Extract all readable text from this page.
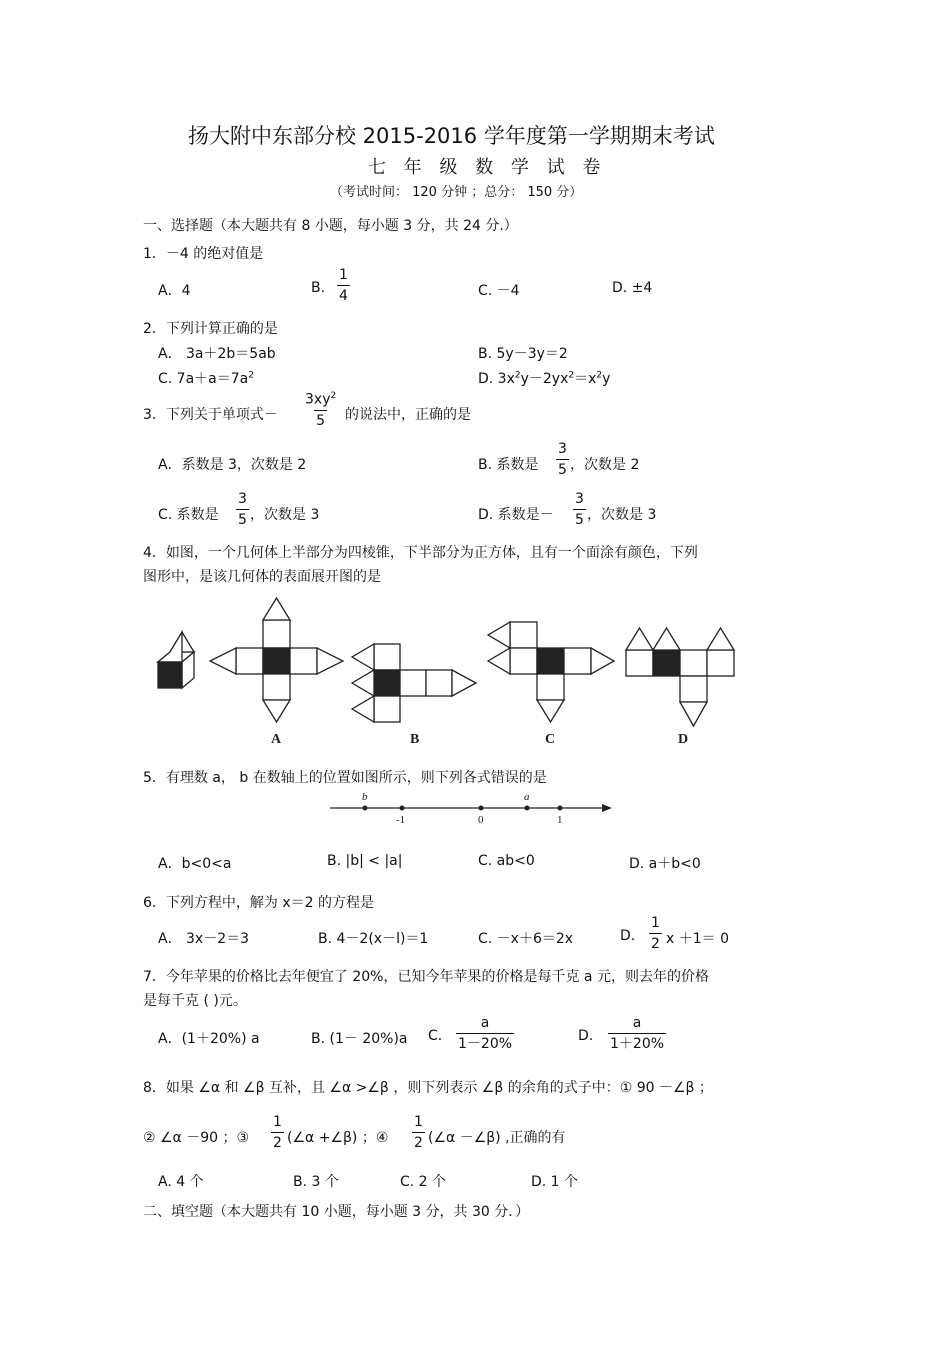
扬大附中东部分校 2015-2016 学年度第一学期期末考试
七 年 级 数 学 试 卷
（考试时间： 120 分钟 ；总分： 150 分）
一、选择题（本大题共有 8 小题，每小题 3 分，共 24 分.）
1．－4 的绝对值是
A．4	B. $\frac{1}{4}$	C. －4	D. ±4
2．下列计算正确的是
A． 3a＋2b＝5ab	B. 5y－3y＝2
C. $7a+a=7a^2$	D. $3x^2y-2yx^2=x^2y$
3．下列关于单项式－ $\frac{3xy^2}{5}$ 的说法中，正确的是
A．系数是 3，次数是 2	B. 系数是 $\frac{3}{5}$ ，次数是 2
C. 系数是 $\frac{3}{5}$ ，次数是 3	D. 系数是－ $\frac{3}{5}$ ，次数是 3
4．如图，一个几何体上半部分为四棱锥，下半部分为正方体，且有一个面涂有颜色，下列
图形中，是该几何体的表面展开图的是
A	B	C	D
5．有理数 a， b 在数轴上的位置如图所示，则下列各式错误的是
b	a
-1	0	1
A．b<0<a	B. |b| < |a|	C. ab<0	D. a＋b<0
6．下列方程中，解为 x＝2 的方程是
A． 3x－2＝3	B. 4－2(x－l)＝1	C. －x＋6＝2x	D. $\frac{1}{2}$ x ＋1＝ 0
7．今年苹果的价格比去年便宜了 20%，已知今年苹果的价格是每千克 a 元，则去年的价格
是每千克 ( )元。
A．(1＋20%) a	B. (1－ 20%)a C. $\frac{a}{1-20\%}$	D. $\frac{a}{1+20\%}$
8．如果 ∠α 和 ∠β 互补，且 ∠α >∠β ，则下列表示 ∠β 的余角的式子中：① 90 －∠β ；
② ∠α －90 ；③ $\frac{1}{2}$ (∠α +∠β) ；④ $\frac{1}{2}$ (∠α －∠β) ,正确的有
A. 4 个	B. 3 个	C. 2 个	D. 1 个
二、填空题（本大题共有 10 小题，每小题 3 分，共 30 分．）
